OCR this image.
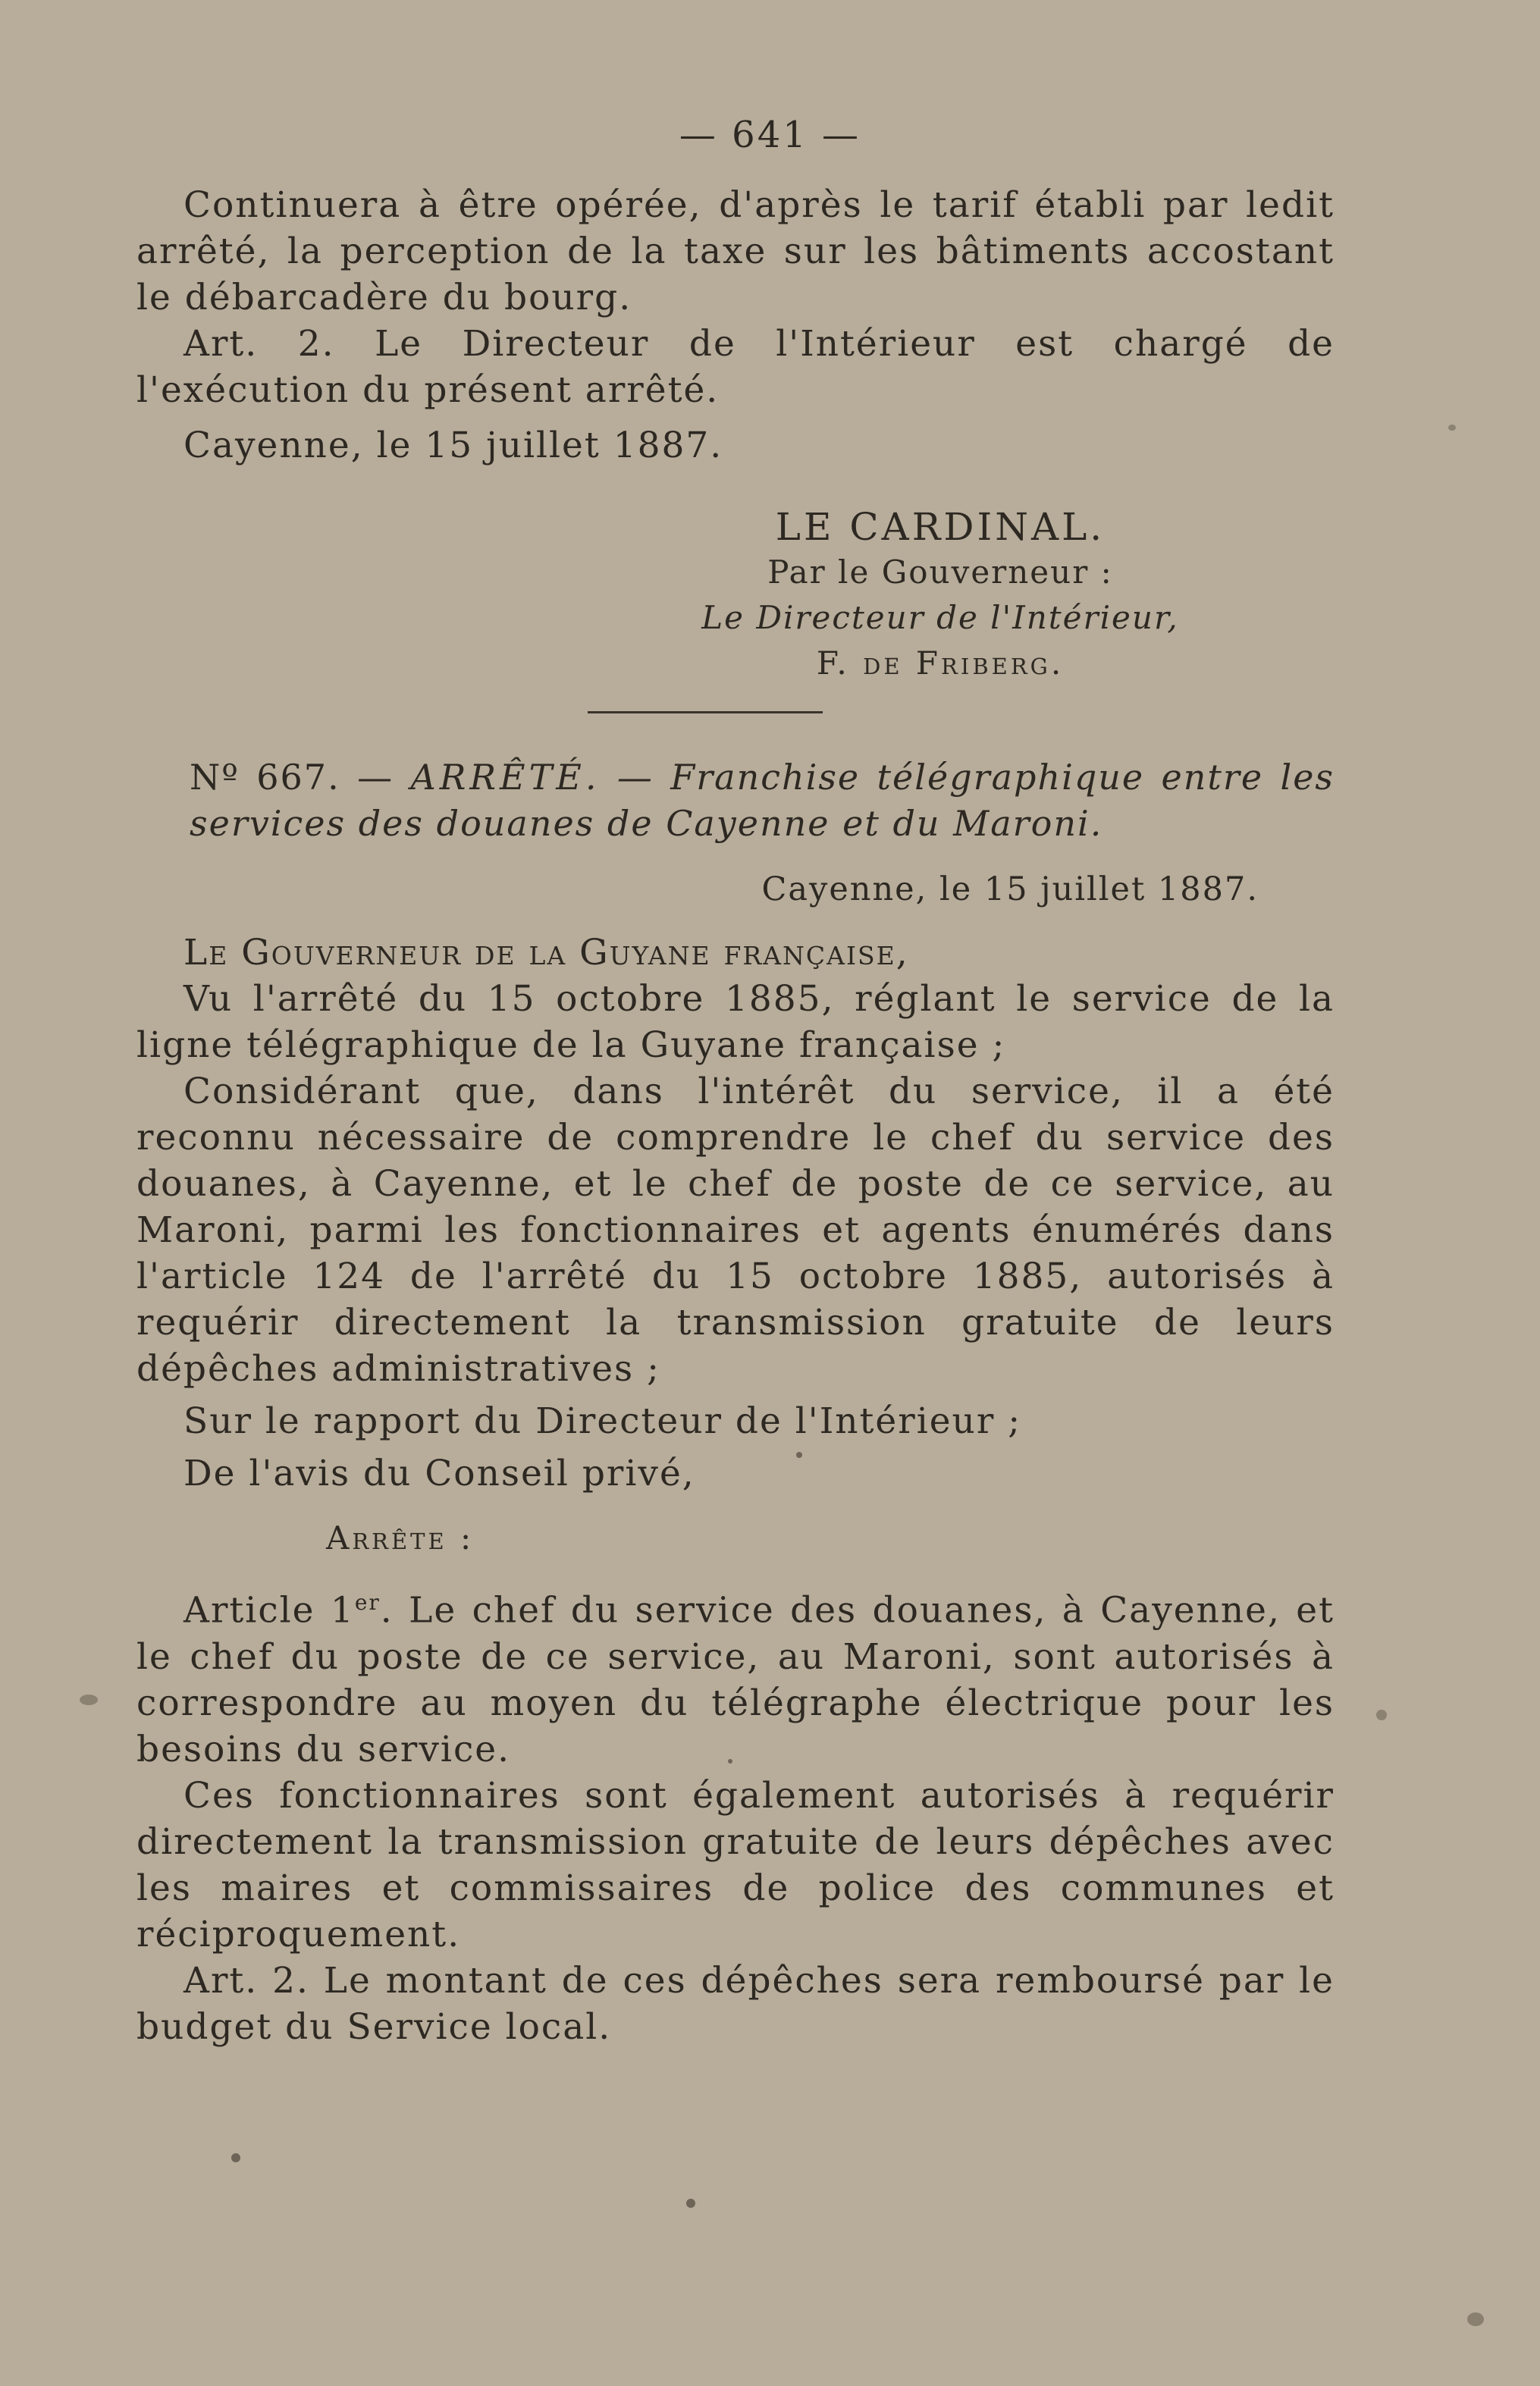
— 641 —

Continuera à être opérée, d'après le tarif établi par ledit arrêté, la perception de la taxe sur les bâtiments accostant le débarcadère du bourg.

Art. 2. Le Directeur de l'Intérieur est chargé de l'exécution du présent arrêté.

Cayenne, le 15 juillet 1887.

LE CARDINAL.
Par le Gouverneur :
Le Directeur de l'Intérieur,
F. de Friberg.

Nº 667. — ARRÊTÉ. — Franchise télégraphique entre les services des douanes de Cayenne et du Maroni.

Cayenne, le 15 juillet 1887.

Le Gouverneur de la Guyane française,

Vu l'arrêté du 15 octobre 1885, réglant le service de la ligne télégraphique de la Guyane française ;

Considérant que, dans l'intérêt du service, il a été reconnu nécessaire de comprendre le chef du service des douanes, à Cayenne, et le chef de poste de ce service, au Maroni, parmi les fonctionnaires et agents énumérés dans l'article 124 de l'arrêté du 15 octobre 1885, autorisés à requérir directement la transmission gratuite de leurs dépêches administratives ;

Sur le rapport du Directeur de l'Intérieur ;

De l'avis du Conseil privé,

Arrête :

Article 1er. Le chef du service des douanes, à Cayenne, et le chef du poste de ce service, au Maroni, sont autorisés à correspondre au moyen du télégraphe électrique pour les besoins du service.

Ces fonctionnaires sont également autorisés à requérir directement la transmission gratuite de leurs dépêches avec les maires et commissaires de police des communes et réciproquement.

Art. 2. Le montant de ces dépêches sera remboursé par le budget du Service local.
